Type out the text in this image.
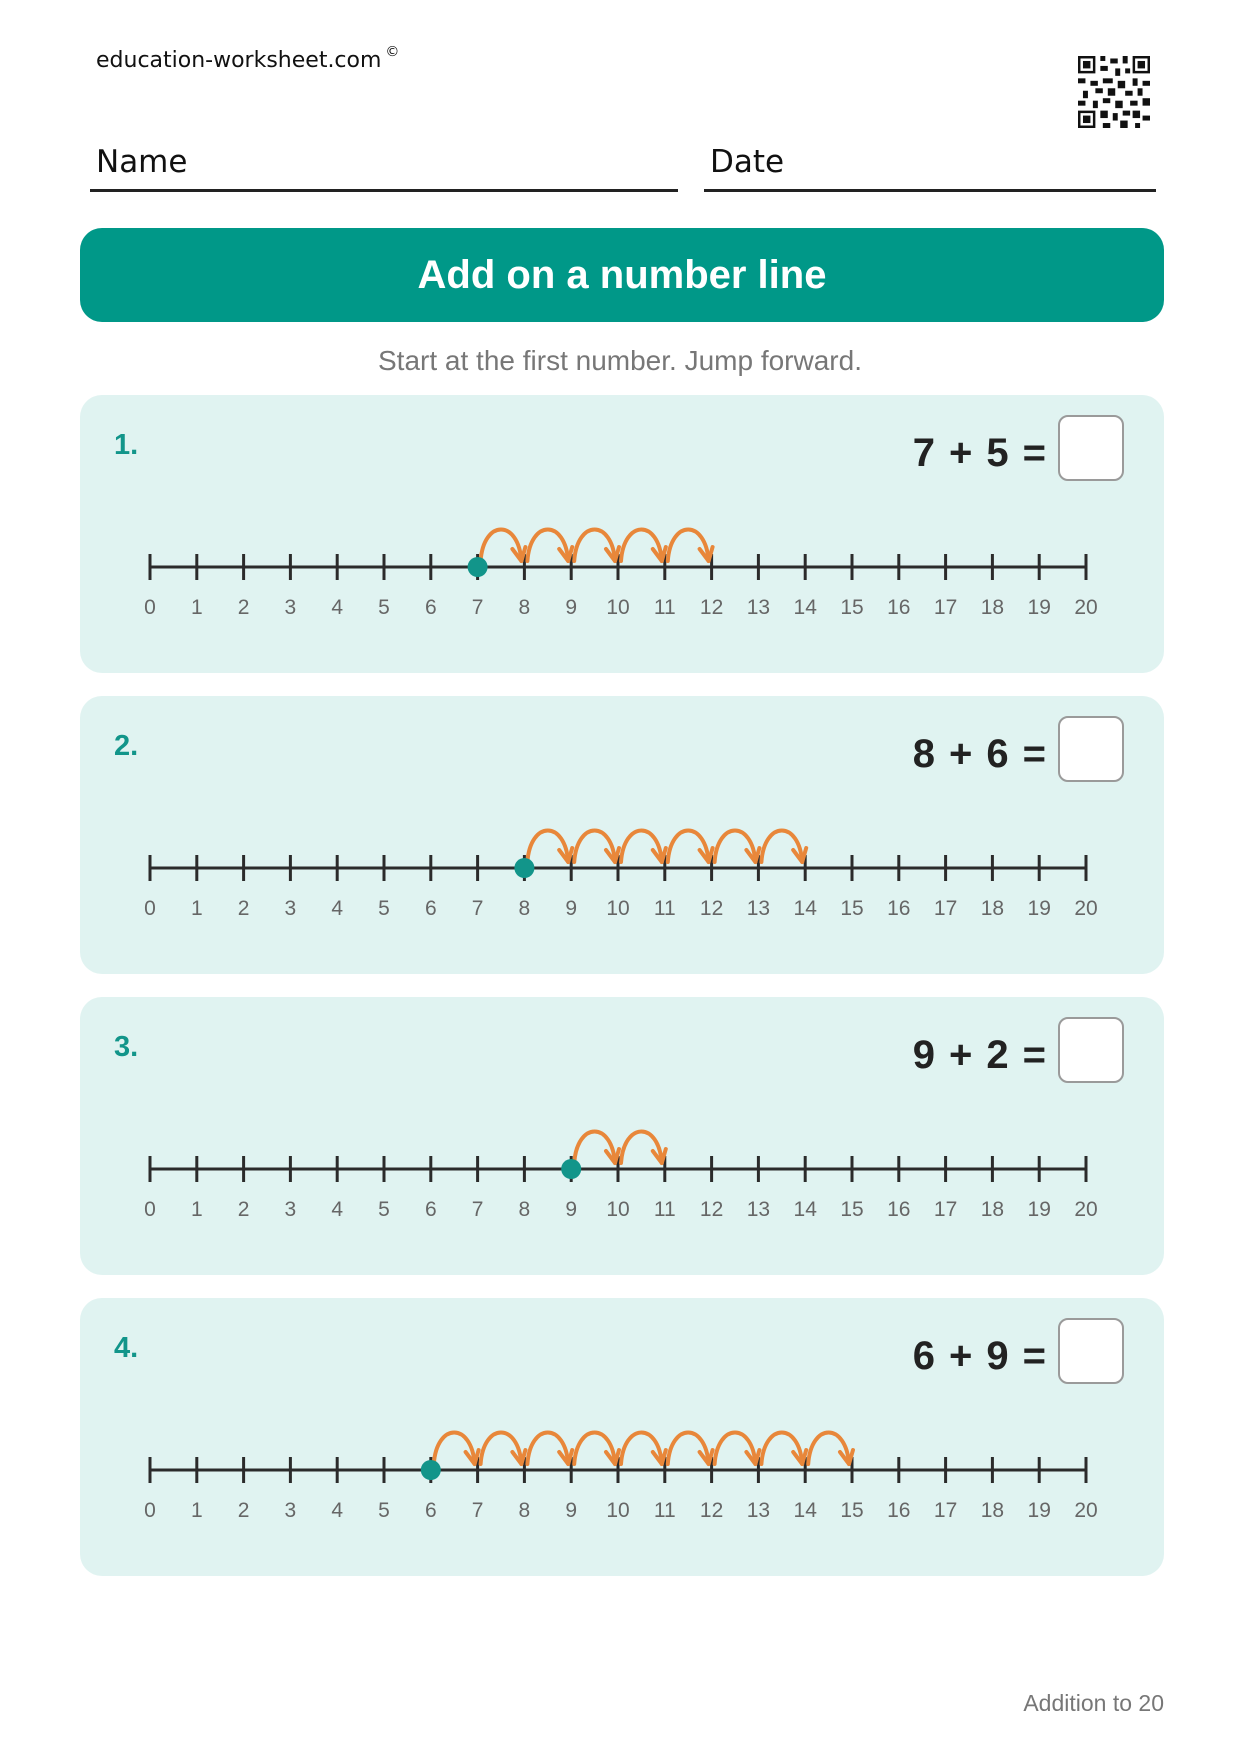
education-worksheet.com ©
Name	Date
Add on a number line
Start at the first number. Jump forward.
1.	7 + 5 =
0 1 2 3 4 5 6 7 8 9 10 11 12 13 14 15 16 17 18 19 20
2.	8 + 6 =
0 1 2 3 4 5 6 7 8 9 10 11 12 13 14 15 16 17 18 19 20
3.	9 + 2 =
0 1 2 3 4 5 6 7 8 9 10 11 12 13 14 15 16 17 18 19 20
4.	6 + 9 =
0 1 2 3 4 5 6 7 8 9 10 11 12 13 14 15 16 17 18 19 20
Addition to 20
